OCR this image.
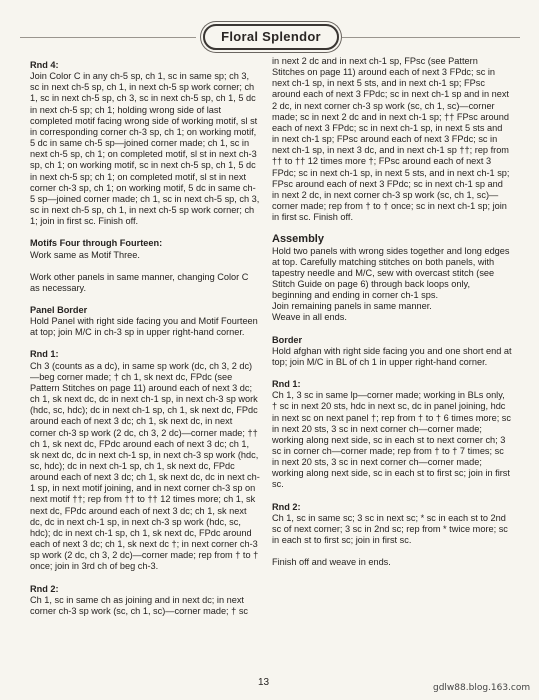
Floral Splendor

Rnd 4:
Join Color C in any ch-5 sp, ch 1, sc in same sp; ch 3, sc in next ch-5 sp, ch 1, in next ch-5 sp work corner; ch 1, sc in next ch-5 sp, ch 3, sc in next ch-5 sp, ch 1, 5 dc in next ch-5 sp; ch 1; holding wrong side of last completed motif facing wrong side of working motif, sl st in corresponding corner ch-3 sp, ch 1; on working motif, 5 dc in same ch-5 sp—joined corner made; ch 1, sc in next ch-5 sp, ch 1; on completed motif, sl st in next ch-3 sp, ch 1; on working motif, sc in next ch-5 sp, ch 1, 5 dc in next ch-5 sp; ch 1; on completed motif, sl st in next corner ch-3 sp, ch 1; on working motif, 5 dc in same ch-5 sp—joined corner made; ch 1, sc in next ch-5 sp, ch 3, sc in next ch-5 sp, ch 1, in next ch-5 sp work corner; ch 1; join in first sc. Finish off.

Motifs Four through Fourteen:
Work same as Motif Three.

Work other panels in same manner, changing Color C as necessary.

Panel Border
Hold Panel with right side facing you and Motif Fourteen at top; join M/C in ch-3 sp in upper right-hand corner.

Rnd 1:
Ch 3 (counts as a dc), in same sp work (dc, ch 3, 2 dc)—beg corner made; † ch 1, sk next dc, FPdc (see Pattern Stitches on page 11) around each of next 3 dc; ch 1, sk next dc, dc in next ch-1 sp, in next ch-3 sp work (hdc, sc, hdc); dc in next ch-1 sp, ch 1, sk next dc, FPdc around each of next 3 dc; ch 1, sk next dc, in next corner ch-3 sp work (2 dc, ch 3, 2 dc)—corner made; †† ch 1, sk next dc, FPdc around each of next 3 dc; ch 1, sk next dc, dc in next ch-1 sp, in next ch-3 sp work (hdc, sc, hdc); dc in next ch-1 sp, ch 1, sk next dc, FPdc around each of next 3 dc; ch 1, sk next dc, dc in next ch-1 sp, in next motif joining, and in next corner ch-3 sp on next motif ††; rep from †† to †† 12 times more; ch 1, sk next dc, FPdc around each of next 3 dc; ch 1, sk next dc, dc in next ch-1 sp, in next ch-3 sp work (hdc, sc, hdc); dc in next ch-1 sp, ch 1, sk next dc, FPdc around each of next 3 dc; ch 1, sk next dc †; in next corner ch-3 sp work (2 dc, ch 3, 2 dc)—corner made; rep from † to † once; join in 3rd ch of beg ch-3.

Rnd 2:
Ch 1, sc in same ch as joining and in next dc; in next corner ch-3 sp work (sc, ch 1, sc)—corner made; † sc

in next 2 dc and in next ch-1 sp, FPsc (see Pattern Stitches on page 11) around each of next 3 FPdc; sc in next ch-1 sp, in next 5 sts, and in next ch-1 sp; FPsc around each of next 3 FPdc; sc in next ch-1 sp and in next 2 dc, in next corner ch-3 sp work (sc, ch 1, sc)—corner made; sc in next 2 dc and in next ch-1 sp; †† FPsc around each of next 3 FPdc; sc in next ch-1 sp, in next 5 sts and in next ch-1 sp; FPsc around each of next 3 FPdc; sc in next ch-1 sp, in next 3 dc, and in next ch-1 sp ††; rep from †† to †† 12 times more †; FPsc around each of next 3 FPdc; sc in next ch-1 sp, in next 5 sts, and in next ch-1 sp; FPsc around each of next 3 FPdc; sc in next ch-1 sp and in next 2 dc, in next corner ch-3 sp work (sc, ch 1, sc)—corner made; rep from † to † once; sc in next ch-1 sp; join in first sc. Finish off.

Assembly
Hold two panels with wrong sides together and long edges at top. Carefully matching stitches on both panels, with tapestry needle and M/C, sew with overcast stitch (see Stitch Guide on page 6) through back loops only, beginning and ending in corner ch-1 sps.

Join remaining panels in same manner.

Weave in all ends.

Border
Hold afghan with right side facing you and one short end at top; join M/C in BL of ch 1 in upper right-hand corner.

Rnd 1:
Ch 1, 3 sc in same lp—corner made; working in BLs only, † sc in next 20 sts, hdc in next sc, dc in panel joining, hdc in next sc on next panel †; rep from † to † 6 times more; sc in next 20 sts, 3 sc in next corner ch—corner made; working along next side, sc in each st to next corner ch; 3 sc in corner ch—corner made; rep from † to † 7 times; sc in next 20 sts, 3 sc in next corner ch—corner made; working along next side, sc in each st to first sc; join in first sc.

Rnd 2:
Ch 1, sc in same sc; 3 sc in next sc; * sc in each st to 2nd sc of next corner; 3 sc in 2nd sc; rep from * twice more; sc in each st to first sc; join in first sc.

Finish off and weave in ends.

13	gdlw88.blog.163.com
